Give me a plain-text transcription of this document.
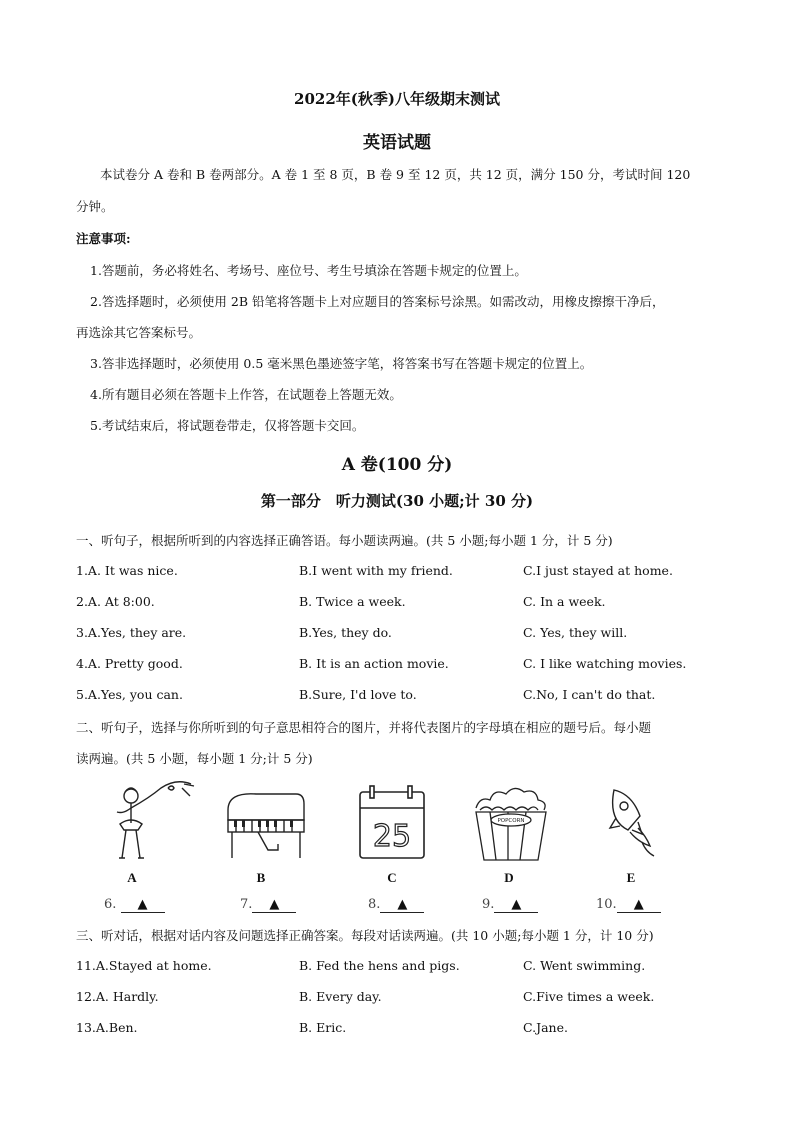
2022年(秋季)八年级期末测试
英语试题
本试卷分 A 卷和 B 卷两部分。A 卷 1 至 8 页，B 卷 9 至 12 页，共 12 页，满分 150 分，考试时间 120
分钟。
注意事项:
1.答题前，务必将姓名、考场号、座位号、考生号填涂在答题卡规定的位置上。
2.答选择题时，必须使用 2B 铅笔将答题卡上对应题目的答案标号涂黑。如需改动，用橡皮擦擦干净后，
再选涂其它答案标号。
3.答非选择题时，必须使用 0.5 毫米黑色墨迹签字笔，将答案书写在答题卡规定的位置上。
4.所有题目必须在答题卡上作答，在试题卷上答题无效。
5.考试结束后，将试题卷带走，仅将答题卡交回。
A 卷(100 分)
第一部分　听力测试(30 小题;计 30 分)
一、听句子，根据所听到的内容选择正确答语。每小题读两遍。(共 5 小题;每小题 1 分，计 5 分)
1.A. It was nice.	B.I went with my friend.	C.I just stayed at home.
2.A. At 8:00.	B. Twice a week.	C. In a week.
3.A.Yes, they are.	B.Yes, they do.	C. Yes, they will.
4.A. Pretty good.	B. It is an action movie.	C. I like watching movies.
5.A.Yes, you can.	B.Sure, I'd love to.	C.No, I can't do that.
二、听句子，选择与你所听到的句子意思相符合的图片，并将代表图片的字母填在相应的题号后。每小题
读两遍。(共 5 小题，每小题 1 分;计 5 分)
25	POPCORN
A	B	C	D	E
6. ▲	7. ▲	8. ▲	9. ▲	10. ▲
三、听对话，根据对话内容及问题选择正确答案。每段对话读两遍。(共 10 小题;每小题 1 分，计 10 分)
11.A.Stayed at home.	B. Fed the hens and pigs.	C. Went swimming.
12.A. Hardly.	B. Every day.	C.Five times a week.
13.A.Ben.	B. Eric.	C.Jane.
